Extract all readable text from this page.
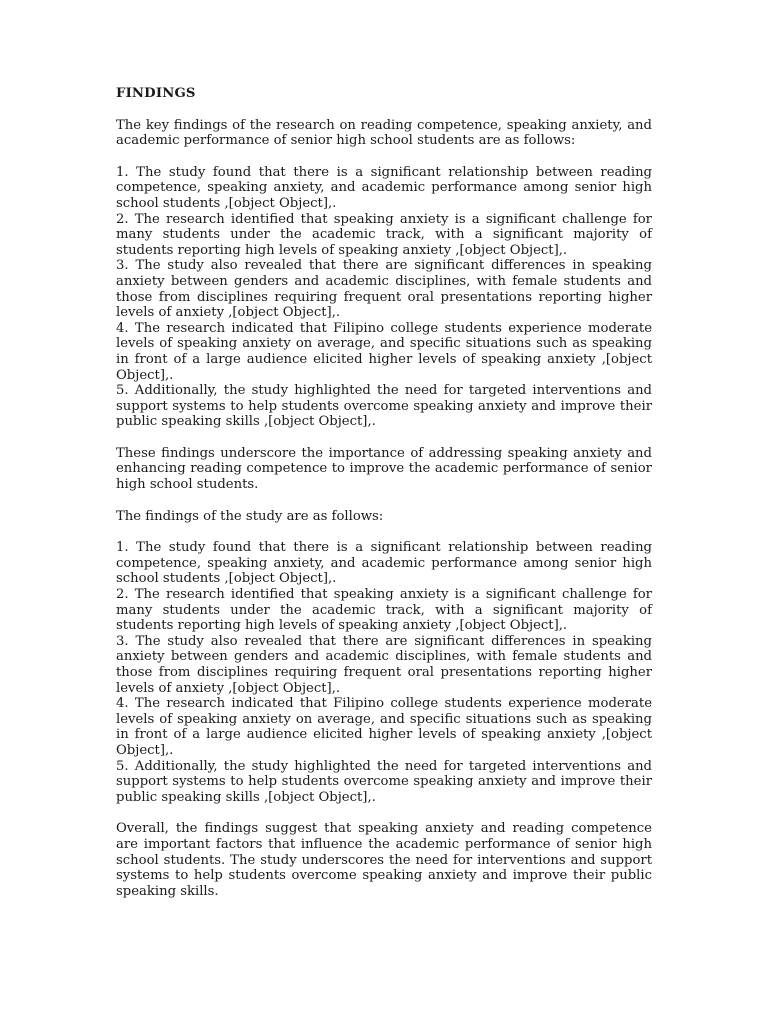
FINDINGS

The key findings of the research on reading competence, speaking anxiety, and academic performance of senior high school students are as follows:

1. The study found that there is a significant relationship between reading competence, speaking anxiety, and academic performance among senior high school students ,[object Object],.

2. The research identified that speaking anxiety is a significant challenge for many students under the academic track, with a significant majority of students reporting high levels of speaking anxiety ,[object Object],.

3. The study also revealed that there are significant differences in speaking anxiety between genders and academic disciplines, with female students and those from disciplines requiring frequent oral presentations reporting higher levels of anxiety ,[object Object],.

4. The research indicated that Filipino college students experience moderate levels of speaking anxiety on average, and specific situations such as speaking in front of a large audience elicited higher levels of speaking anxiety ,[object Object],.

5. Additionally, the study highlighted the need for targeted interventions and support systems to help students overcome speaking anxiety and improve their public speaking skills ,[object Object],.

These findings underscore the importance of addressing speaking anxiety and enhancing reading competence to improve the academic performance of senior high school students.

The findings of the study are as follows:

1. The study found that there is a significant relationship between reading competence, speaking anxiety, and academic performance among senior high school students ,[object Object],.

2. The research identified that speaking anxiety is a significant challenge for many students under the academic track, with a significant majority of students reporting high levels of speaking anxiety ,[object Object],.

3. The study also revealed that there are significant differences in speaking anxiety between genders and academic disciplines, with female students and those from disciplines requiring frequent oral presentations reporting higher levels of anxiety ,[object Object],.

4. The research indicated that Filipino college students experience moderate levels of speaking anxiety on average, and specific situations such as speaking in front of a large audience elicited higher levels of speaking anxiety ,[object Object],.

5. Additionally, the study highlighted the need for targeted interventions and support systems to help students overcome speaking anxiety and improve their public speaking skills ,[object Object],.

Overall, the findings suggest that speaking anxiety and reading competence are important factors that influence the academic performance of senior high school students. The study underscores the need for interventions and support systems to help students overcome speaking anxiety and improve their public speaking skills.
